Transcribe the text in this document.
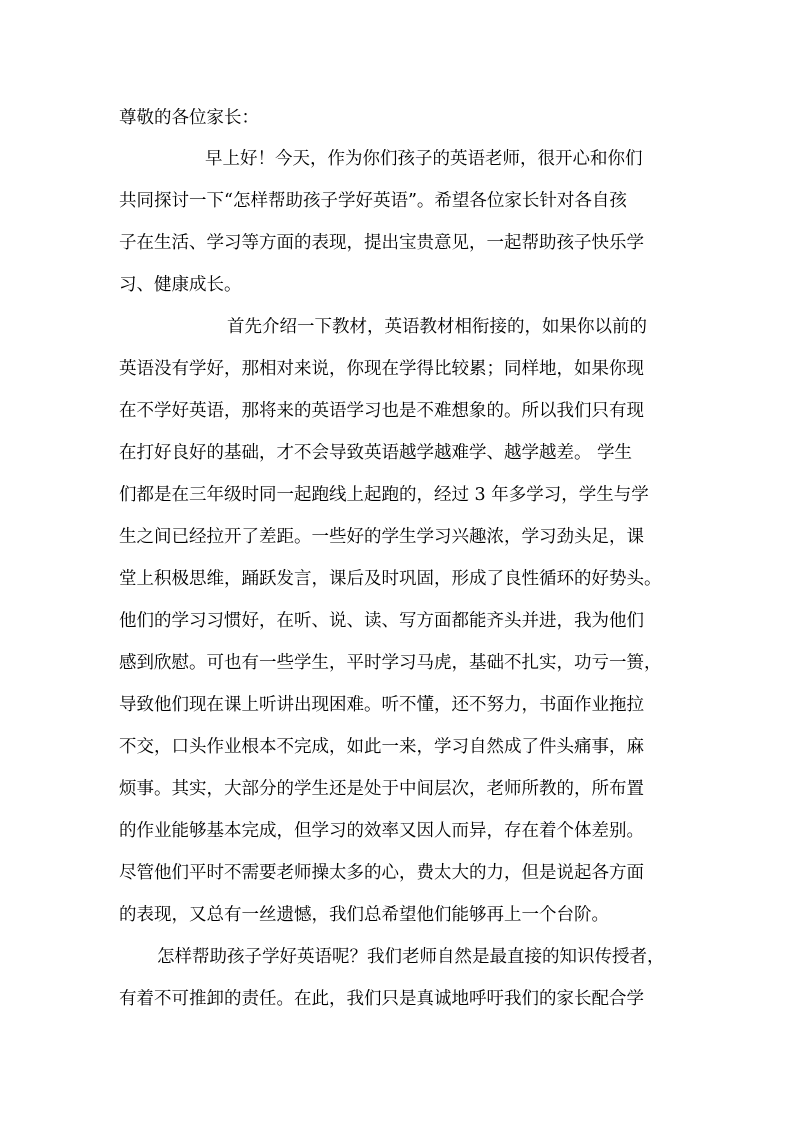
尊敬的各位家长：
早上好！今天，作为你们孩子的英语老师，很开心和你们
共同探讨一下“怎样帮助孩子学好英语”。希望各位家长针对各自孩
子在生活、学习等方面的表现，提出宝贵意见，一起帮助孩子快乐学
习、健康成长。
首先介绍一下教材，英语教材相衔接的，如果你以前的
英语没有学好，那相对来说，你现在学得比较累；同样地，如果你现
在不学好英语，那将来的英语学习也是不难想象的。所以我们只有现
在打好良好的基础，才不会导致英语越学越难学、越学越差。 学生
们都是在三年级时同一起跑线上起跑的，经过 3 年多学习，学生与学
生之间已经拉开了差距。一些好的学生学习兴趣浓，学习劲头足，课
堂上积极思维，踊跃发言，课后及时巩固，形成了良性循环的好势头。
他们的学习习惯好，在听、说、读、写方面都能齐头并进，我为他们
感到欣慰。可也有一些学生，平时学习马虎，基础不扎实，功亏一篑，
导致他们现在课上听讲出现困难。听不懂，还不努力，书面作业拖拉
不交，口头作业根本不完成，如此一来，学习自然成了件头痛事，麻
烦事。其实，大部分的学生还是处于中间层次，老师所教的，所布置
的作业能够基本完成，但学习的效率又因人而异，存在着个体差别。
尽管他们平时不需要老师操太多的心，费太大的力，但是说起各方面
的表现，又总有一丝遗憾，我们总希望他们能够再上一个台阶。
怎样帮助孩子学好英语呢？我们老师自然是最直接的知识传授者，
有着不可推卸的责任。在此，我们只是真诚地呼吁我们的家长配合学
